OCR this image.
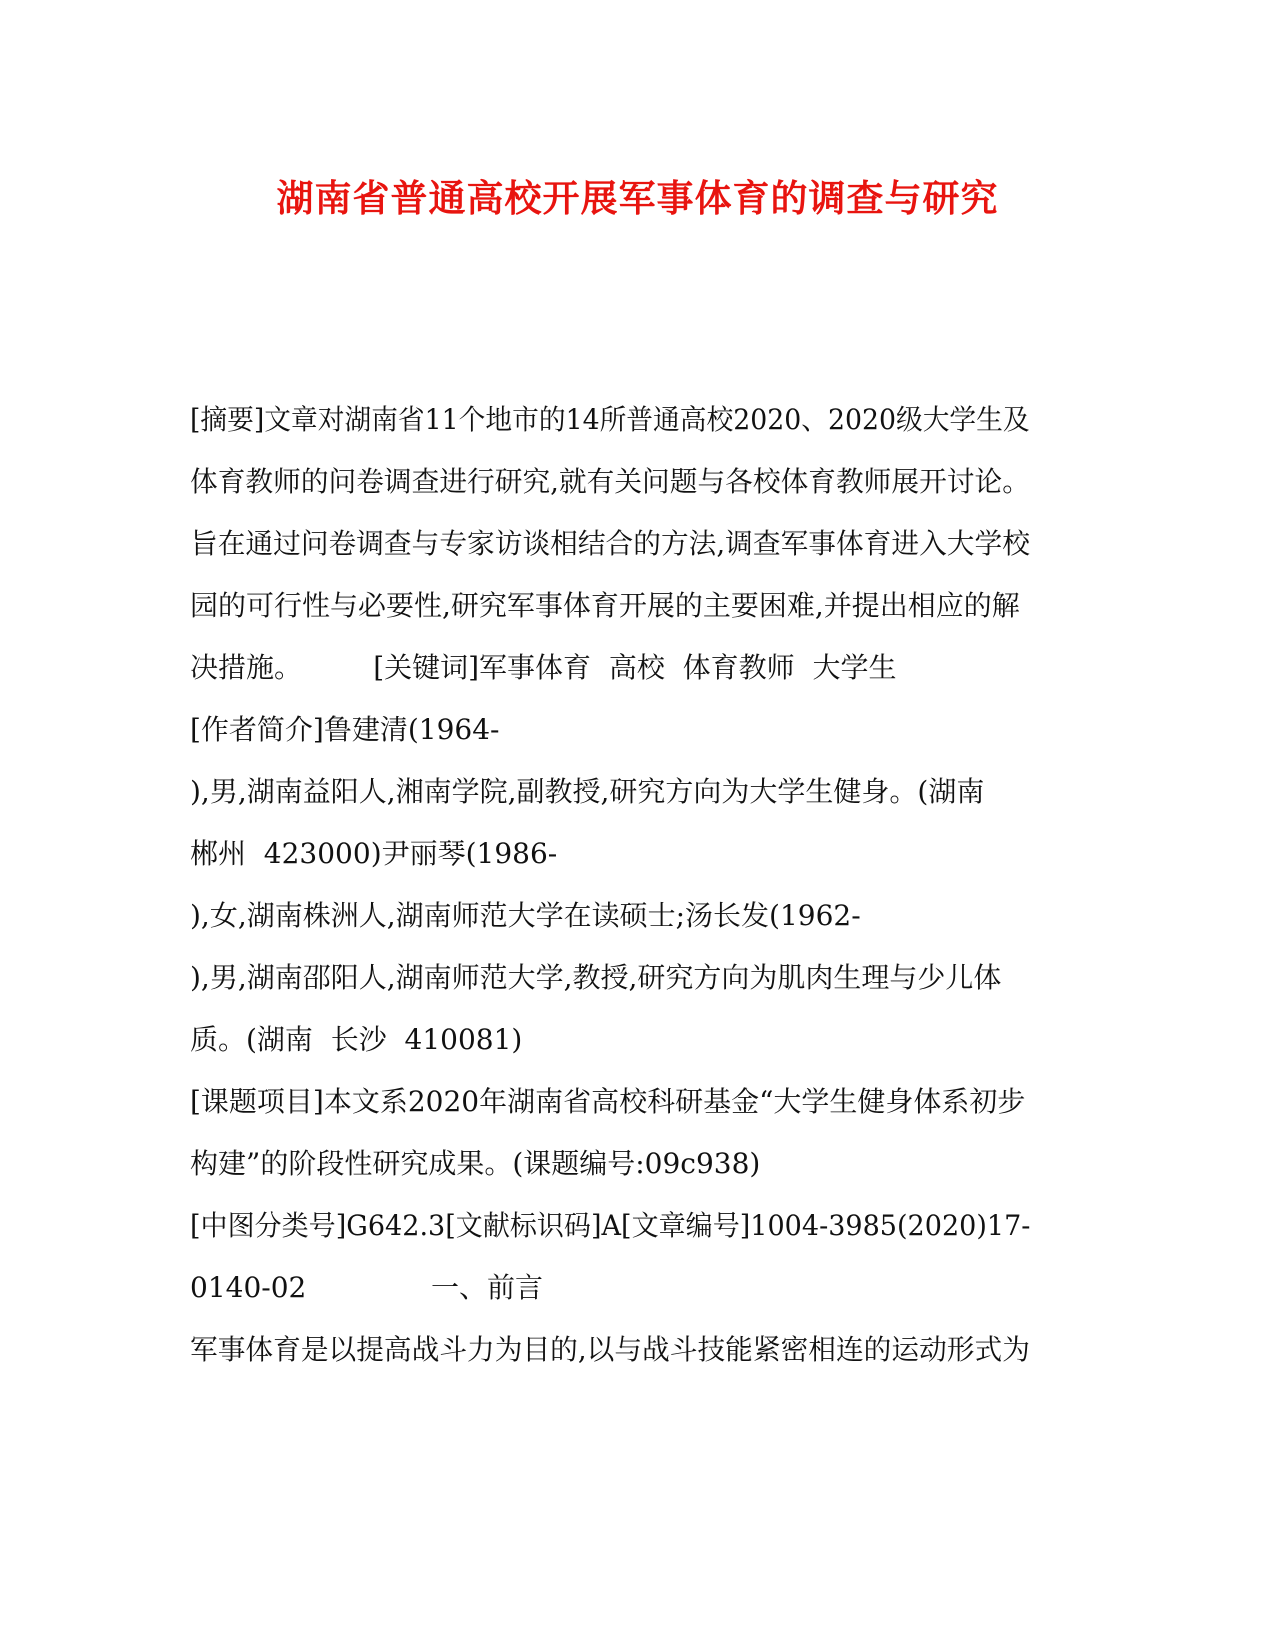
湖南省普通高校开展军事体育的调查与研究
[摘要]文章对湖南省11个地市的14所普通高校2020、2020级大学生及
体育教师的问卷调查进行研究,就有关问题与各校体育教师展开讨论。
旨在通过问卷调查与专家访谈相结合的方法,调查军事体育进入大学校
园的可行性与必要性,研究军事体育开展的主要困难,并提出相应的解
决措施。        [关键词]军事体育  高校  体育教师  大学生
[作者简介]鲁建清(1964-
),男,湖南益阳人,湘南学院,副教授,研究方向为大学生健身。(湖南
郴州  423000)尹丽琴(1986-
),女,湖南株洲人,湖南师范大学在读硕士;汤长发(1962-
),男,湖南邵阳人,湖南师范大学,教授,研究方向为肌肉生理与少儿体
质。(湖南  长沙  410081)
[课题项目]本文系2020年湖南省高校科研基金“大学生健身体系初步
构建”的阶段性研究成果。(课题编号:09c938)
[中图分类号]G642.3[文献标识码]A[文章编号]1004-3985(2020)17-
0140-02              一、前言
军事体育是以提高战斗力为目的,以与战斗技能紧密相连的运动形式为
